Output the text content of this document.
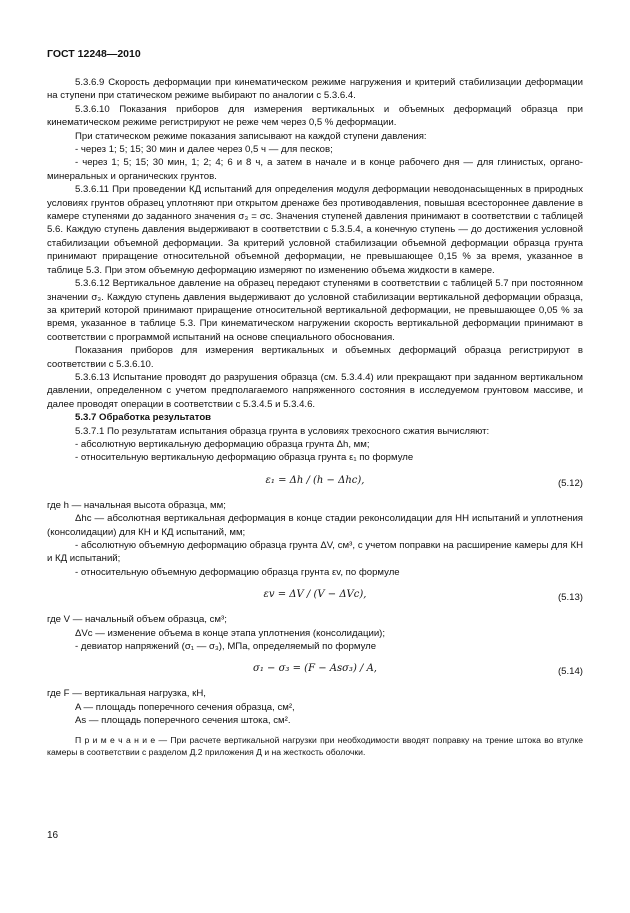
ГОСТ 12248—2010

5.3.6.9 Скорость деформации при кинематическом режиме нагружения и критерий стабилизации деформации на ступени при статическом режиме выбирают по аналогии с 5.3.6.4.

5.3.6.10 Показания приборов для измерения вертикальных и объемных деформаций образца при кинематическом режиме регистрируют не реже чем через 0,5 % деформации.

При статическом режиме показания записывают на каждой ступени давления:

- через 1; 5; 15; 30 мин и далее через 0,5 ч — для песков;

- через 1; 5; 15; 30 мин, 1; 2; 4; 6 и 8 ч, а затем в начале и в конце рабочего дня — для глинистых, органо-минеральных и органических грунтов.

5.3.6.11 При проведении КД испытаний для определения модуля деформации неводонасыщенных в природных условиях грунтов образец уплотняют при открытом дренаже без противодавления, повышая всестороннее давление в камере ступенями до заданного значения σ₃ = σc. Значения ступеней давления принимают в соответствии с таблицей 5.6. Каждую ступень давления выдерживают в соответствии с 5.3.5.4, а конечную ступень — до достижения условной стабилизации объемной деформации. За критерий условной стабилизации объемной деформации образца грунта принимают приращение относительной объемной деформации, не превышающее 0,15 % за время, указанное в таблице 5.3. При этом объемную деформацию измеряют по изменению объема жидкости в камере.

5.3.6.12 Вертикальное давление на образец передают ступенями в соответствии с таблицей 5.7 при постоянном значении σ₃. Каждую ступень давления выдерживают до условной стабилизации вертикальной деформации образца, за критерий которой принимают приращение относительной вертикальной деформации, не превышающее 0,05 % за время, указанное в таблице 5.3. При кинематическом нагружении скорость вертикальной деформации принимают в соответствии с программой испытаний на основе специального обоснования.

Показания приборов для измерения вертикальных и объемных деформаций образца регистрируют в соответствии с 5.3.6.10.

5.3.6.13 Испытание проводят до разрушения образца (см. 5.3.4.4) или прекращают при заданном вертикальном давлении, определенном с учетом предполагаемого напряженного состояния в исследуемом грунтовом массиве, и далее проводят операции в соответствии с 5.3.4.5 и 5.3.4.6.

5.3.7 Обработка результатов

5.3.7.1 По результатам испытания образца грунта в условиях трехосного сжатия вычисляют:

- абсолютную вертикальную деформацию образца грунта Δh, мм;

- относительную вертикальную деформацию образца грунта ε₁ по формуле

ε₁ = Δh / (h − Δhc),	(5.12)

где h — начальная высота образца, мм;

Δhc — абсолютная вертикальная деформация в конце стадии реконсолидации для НН испытаний и уплотнения (консолидации) для КН и КД испытаний, мм;

- абсолютную объемную деформацию образца грунта ΔV, см³, с учетом поправки на расширение камеры для КН и КД испытаний;

- относительную объемную деформацию образца грунта εv, по формуле

εv = ΔV / (V − ΔVc),	(5.13)

где V — начальный объем образца, см³;

ΔVc — изменение объема в конце этапа уплотнения (консолидации);

- девиатор напряжений (σ₁ — σ₃), МПа, определяемый по формуле

σ₁ − σ₃ = (F − Asσ₃) / A,	(5.14)

где F — вертикальная нагрузка, кН,

A — площадь поперечного сечения образца, см²,

As — площадь поперечного сечения штока, см².

П р и м е ч а н и е — При расчете вертикальной нагрузки при необходимости вводят поправку на трение штока во втулке камеры в соответствии с разделом Д.2 приложения Д и на жесткость оболочки.

16
